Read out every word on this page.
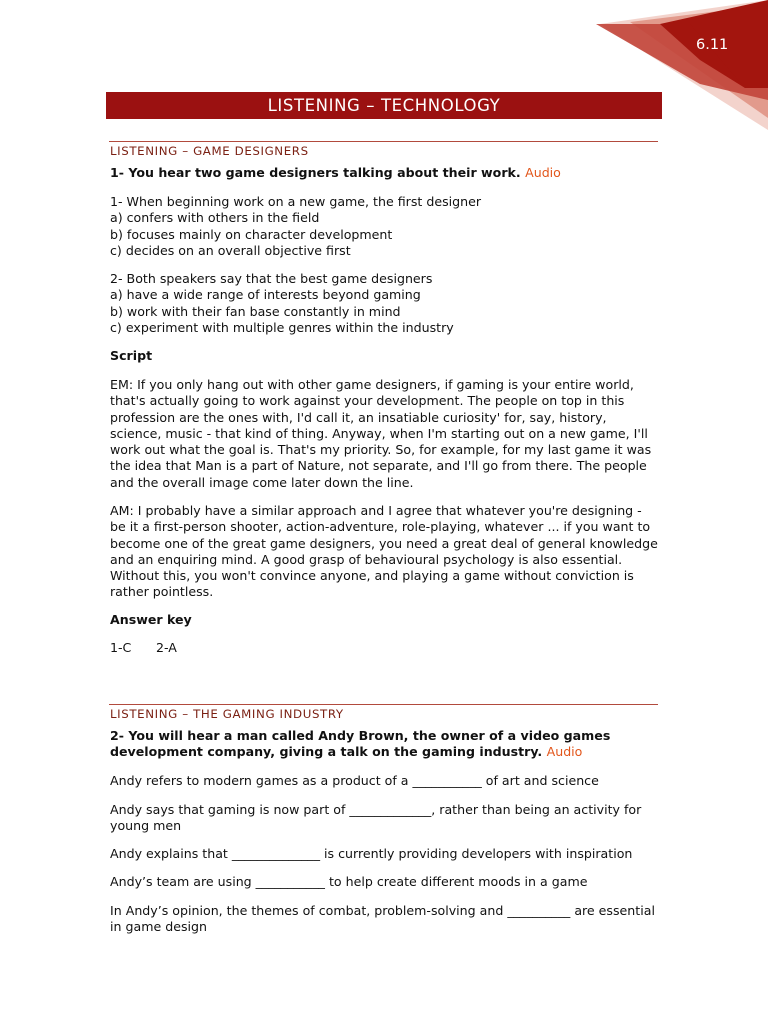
6.11
LISTENING – TECHNOLOGY
LISTENING – GAME DESIGNERS

1- You hear two game designers talking about their work. Audio

1- When beginning work on a new game, the first designer

a) confers with others in the field

b) focuses mainly on character development

c) decides on an overall objective first

2- Both speakers say that the best game designers

a) have a wide range of interests beyond gaming

b) work with their fan base constantly in mind

c) experiment with multiple genres within the industry

Script
EM: If you only hang out with other game designers, if gaming is your entire world, that's actually going to work against your development. The people on top in this profession are the ones with, I'd call it, an insatiable curiosity' for, say, history, science, music - that kind of thing. Anyway, when I'm starting out on a new game, I'll work out what the goal is. That's my priority. So, for example, for my last game it was the idea that Man is a part of Nature, not separate, and I'll go from there. The people and the overall image come later down the line.
AM: I probably have a similar approach and I agree that whatever you're designing - be it a first-person shooter, action-adventure, role-playing, whatever ... if you want to become one of the great game designers, you need a great deal of general knowledge and an enquiring mind. A good grasp of behavioural psychology is also essential. Without this, you won't convince anyone, and playing a game without conviction is rather pointless.
Answer key
1-C 2-A
LISTENING – THE GAMING INDUSTRY

2- You will hear a man called Andy Brown, the owner of a video games development company, giving a talk on the gaming industry. Audio

Andy refers to modern games as a product of a ___________ of art and science
Andy says that gaming is now part of _____________, rather than being an activity for young men
Andy explains that ______________ is currently providing developers with inspiration
Andy’s team are using ___________ to help create different moods in a game
In Andy’s opinion, the themes of combat, problem-solving and __________ are essential in game design
